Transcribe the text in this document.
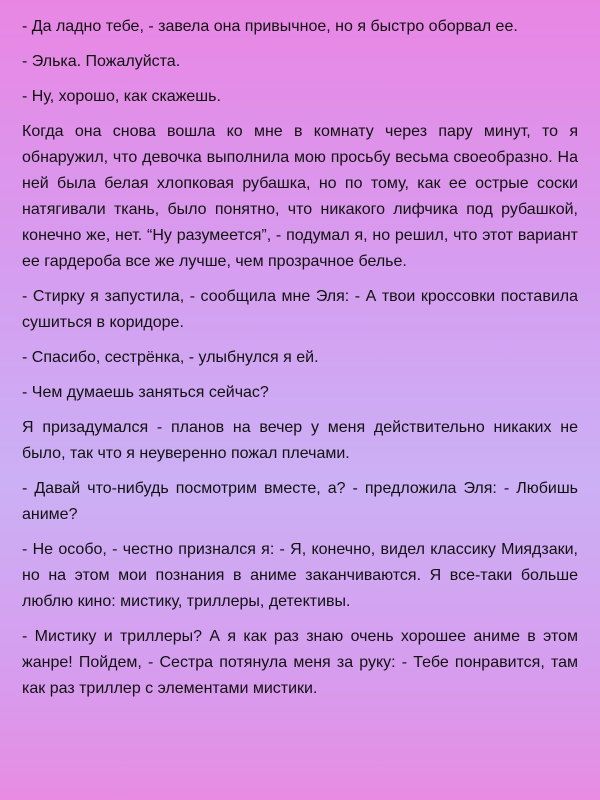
- Да ладно тебе, - завела она привычное, но я быстро оборвал ее.

- Элька. Пожалуйста.

- Ну, хорошо, как скажешь.

Когда она снова вошла ко мне в комнату через пару минут, то я обнаружил, что девочка выполнила мою просьбу весьма своеобразно. На ней была белая хлопковая рубашка, но по тому, как ее острые соски натягивали ткань, было понятно, что никакого лифчика под рубашкой, конечно же, нет. “Ну разумеется”, - подумал я, но решил, что этот вариант ее гардероба все же лучше, чем прозрачное белье.

- Стирку я запустила, - сообщила мне Эля: - А твои кроссовки поставила сушиться в коридоре.

- Спасибо, сестрёнка, - улыбнулся я ей.

- Чем думаешь заняться сейчас?

Я призадумался - планов на вечер у меня действительно никаких не было, так что я неуверенно пожал плечами.

- Давай что-нибудь посмотрим вместе, а? - предложила Эля: - Любишь аниме?

- Не особо, - честно признался я: - Я, конечно, видел классику Миядзаки, но на этом мои познания в аниме заканчиваются. Я все-таки больше люблю кино: мистику, триллеры, детективы.

- Мистику и триллеры? А я как раз знаю очень хорошее аниме в этом жанре! Пойдем, - Сестра потянула меня за руку: - Тебе понравится, там как раз триллер с элементами мистики.
